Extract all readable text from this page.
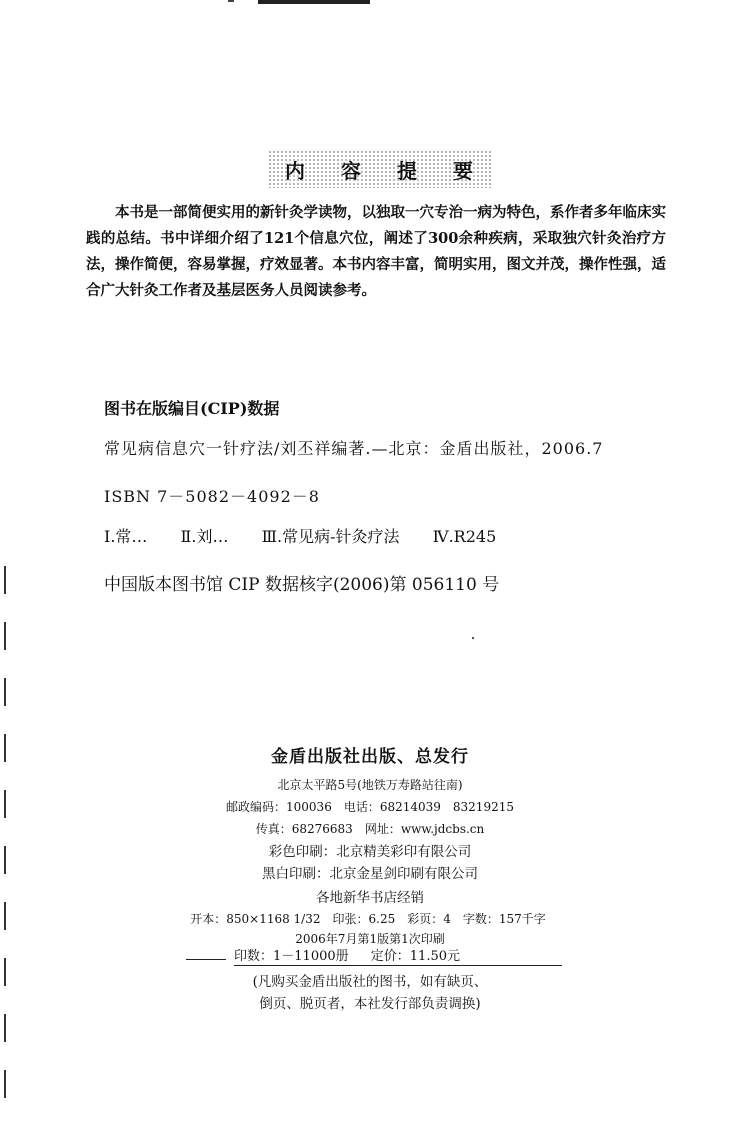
内 容 提 要
本书是一部简便实用的新针灸学读物，以独取一穴专治一病为特色，系作者多年临床实践的总结。书中详细介绍了121个信息穴位，阐述了300余种疾病，采取独穴针灸治疗方法，操作简便，容易掌握，疗效显著。本书内容丰富，简明实用，图文并茂，操作性强，适合广大针灸工作者及基层医务人员阅读参考。
图书在版编目(CIP)数据
常见病信息穴一针疗法/刘丕祥编著.—北京：金盾出版社，2006.7
ISBN 7－5082－4092－8
Ⅰ.常… Ⅱ.刘… Ⅲ.常见病-针灸疗法 Ⅳ.R245
中国版本图书馆 CIP 数据核字(2006)第 056110 号
金盾出版社出版、总发行
北京太平路5号(地铁万寿路站往南)
邮政编码：100036　电话：68214039　83219215
传真：68276683　网址：www.jdcbs.cn
彩色印刷：北京精美彩印有限公司
黑白印刷：北京金星剑印刷有限公司
各地新华书店经销
开本：850×1168 1/32　印张：6.25　彩页：4　字数：157千字
2006年7月第1版第1次印刷
印数：1－11000册 定价：11.50元
(凡购买金盾出版社的图书，如有缺页、
倒页、脱页者，本社发行部负责调换)
